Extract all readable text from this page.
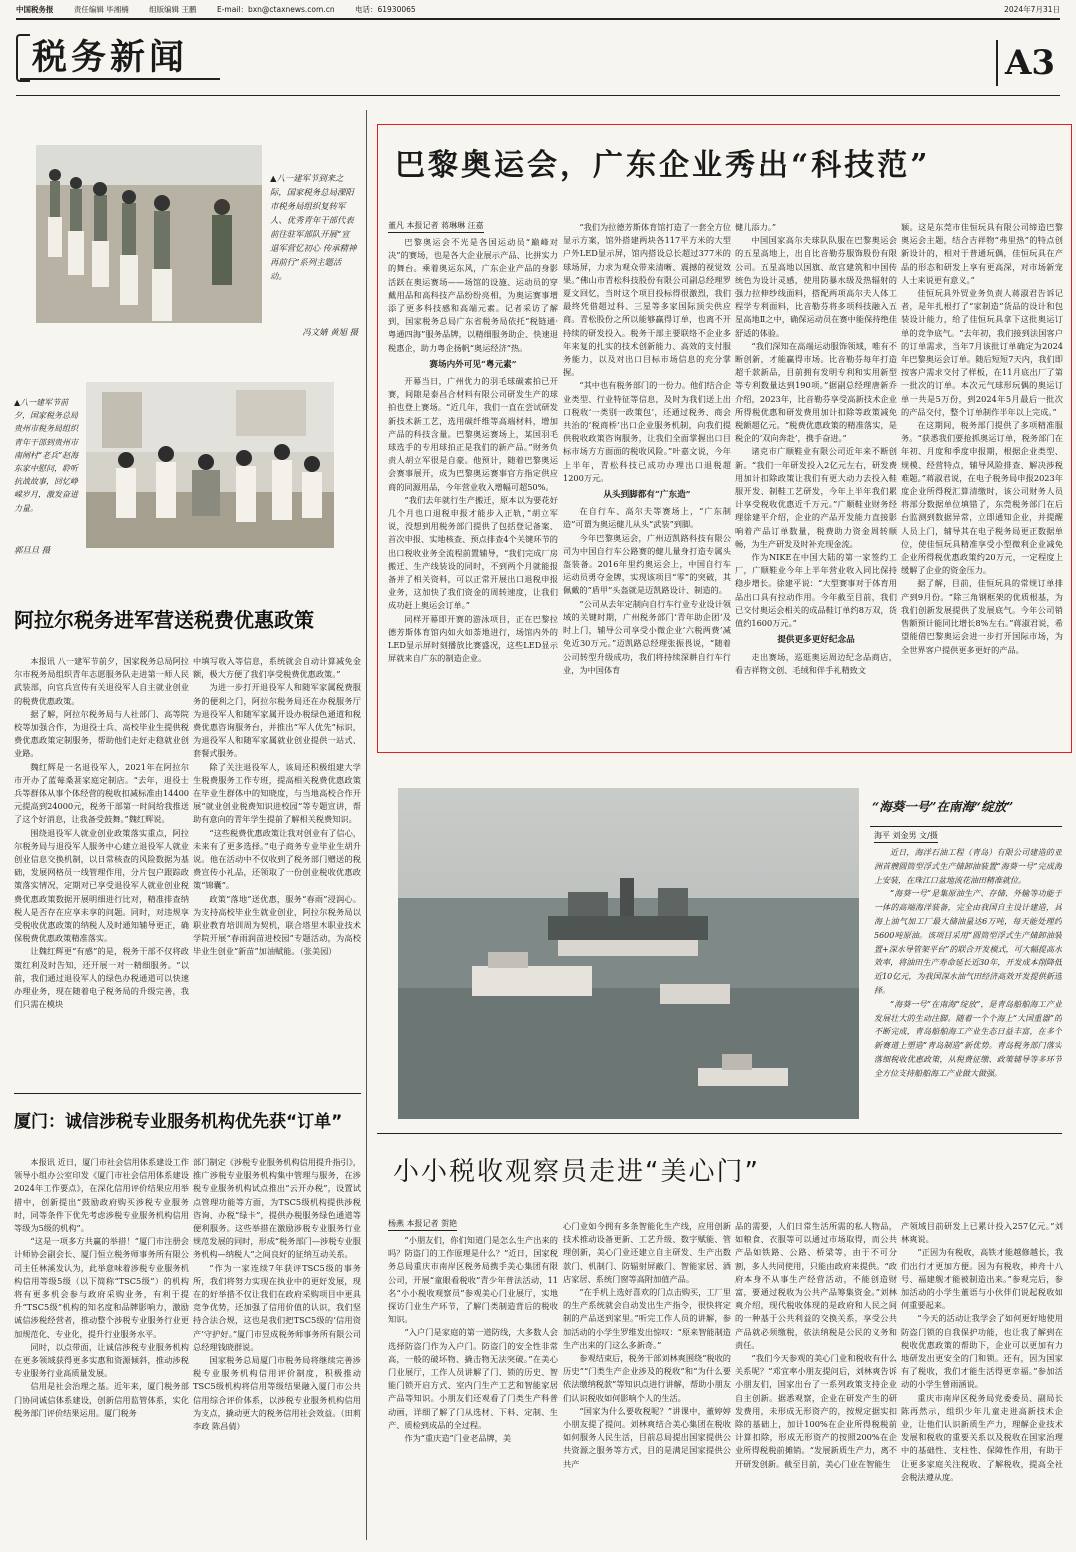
中国税务报	责任编辑 毕湘楠	组版编辑 王鹏	E-mail：bxn@ctaxnews.com.cn	电话：61930065	2024年7月31日
税务新闻	A3
▲八一建军节到来之际，国家税务总局溧阳市税务局组织复转军人、优秀青年干部代表前往驻军部队开展“宣退军营忆初心 传承精神再前行”系列主题活动。
冯文婧 黄旭 摄
▲八一建军节前夕，国家税务总局贵州市税务局组织青年干部到贵州市南闸村“老兵”赵海东家中慰问，聆听抗战故事，回忆峥嵘岁月，激发奋进力量。
郭旦旦 摄
阿拉尔税务进军营送税费优惠政策

本报讯 八一建军节前夕，国家税务总局阿拉尔市税务局组织青年志愿服务队走进第一师人民武装部，向官兵宣传有关退役军人自主就业创业的税费优惠政策。

据了解，阿拉尔税务局与人社部门、高等院校等加强合作，为退役士兵、高校毕业生提供税费优惠政策定制服务，帮助他们走好走稳就业创业路。

魏红辉是一名退役军人，2021年在阿拉尔市开办了蓝莓桑葚家庭定制店。“去年，退役士兵等群体从事个体经营的税收扣减标准由14400元提高到24000元，税务干部第一时间给我推送了这个好消息，让我备受鼓舞。”魏红辉说。

围绕退役军人就业创业政策落实重点，阿拉尔税务局与退役军人服务中心建立退役军人就业创业信息交换机制，以日常核查的风险数据为基础，发展网格员一线管理作用，分片包户跟踪政策落实情况，定期对已享受退役军人就业创业税费优惠政策数据开展明细进行比对，精准排查纳税人是否存在应享未享的问题。同时，对违规享受税收优惠政策的纳税人及时通知辅导更正，确保税费优惠政策精准落实。

让魏红辉更“有感”的是，税务干部不仅将政策红利及时告知，还开展一对一精细服务。“以前，我们通过退役军人的绿色办税通道可以快速办理业务，现在随着电子税务局的升级完善，我们只需在模块

中填写收入等信息，系统就会自动计算减免金额，极大方便了我们享受税费优惠政策。”

为进一步打开退役军人和随军家属税费服务的便利之门，阿拉尔税务局还在办税服务厅为退役军人和随军家属开设办税绿色通道和税费优惠咨询服务台，并推出“军人优先”标识，为退役军人和随军家属就业创业提供一站式、套餐式服务。

除了关注退役军人，该局还积极组建大学生税费服务工作专班，提高相关税费优惠政策在毕业生群体中的知晓度，与当地高校合作开展“就业创业税费知识进校园”等专题宣讲，帮助有意向的青年学生提前了解相关税费知识。

“这些税费优惠政策让我对创业有了信心，未来有了更多选择。”电子商务专业毕业生胡升说。他在活动中不仅收到了税务部门赠送的税费宣传小礼品，还领取了一份创业税收优惠政策“锦囊”。

政策“落地”送优惠，服务“春雨”浸润心。为支持高校毕业生就业创业，阿拉尔税务局以职业教育培训周为契机，联合塔里木职业技术学院开展“春雨润苗进校园”专题活动，为高校毕业生创业“新苗”加油赋能。（张美园）

厦门：诚信涉税专业服务机构优先获“订单”

本报讯 近日，厦门市社会信用体系建设工作领导小组办公室印发《厦门市社会信用体系建设2024年工作要点》，在深化信用评价结果应用举措中，创新提出“鼓励政府购买涉税专业服务时，同等条件下优先考虑涉税专业服务机构信用等级为5级的机构”。

“这是一项多方共赢的举措！”厦门市注册会计师协会副会长、厦门恒立税务师事务所有限公司主任林溪发认为，此举意味着涉税专业服务机构信用等级5级（以下简称“TSC5级”）的机构将有更多机会参与政府采购业务，有利于提升“TSC5级”机构的知名度和品牌影响力，激励诚信涉税经营者，推动整个涉税专业服务行业更加规范化、专业化，提升行业服务水平。

同时，以点带面，让诚信涉税专业服务机构在更多领域获得更多实惠和资源倾斜，推动涉税专业服务行业高质量发展。

信用是社会治理之基。近年来，厦门税务部门协同诚信体系建设，创新信用监管体系，实化税务部门评价结果运用。厦门税务

部门制定《涉税专业服务机构信用提升指引》，推广涉税专业服务机构集中管理与服务，在涉税专业服务机构试点推出“云开办税”，设置试点管理功能等方面，为TSC5级机构提供涉税咨询、办税“绿卡”，提供办税服务绿色通道等便利服务。这些举措在激励涉税专业服务行业规范发展的同时，形成“税务部门—涉税专业服务机构—纳税人”之间良好的征纳互动关系。

“作为一家连续7年获评TSC5级的事务所，我们将努力实现在执业中的更好发展，现在的好举措不仅让我们在政府采购项目中更具竞争优势，还加强了信用价值的认识，我们坚持合法合规，这也是我们把TSC5级的‘信用资产’守护好。”厦门市昱成税务师事务所有限公司总经理钱晓群说。

国家税务总局厦门市税务局将继续完善涉税专业服务机构信用评价制度，积极推动TSC5级机构将信用等级结果融入厦门市公共信用综合评价体系，以涉税专业服务机构信用为支点，撬动更大的税务信用社会效益。（田莉 李政 陈昌倩）

巴黎奥运会，广东企业秀出“科技范”
董凡 本报记者 蒋琳琳 汪嘉

巴黎奥运会不光是各国运动员“巅峰对决”的赛场，也是各大企业展示产品、比拼实力的舞台。乘着奥运东风，广东企业产品的身影活跃在奥运赛场——场馆的设施、运动员的穿戴用品和高科技产品纷纷亮相，为奥运赛事增添了更多科技感和高端元素。记者采访了解到，国家税务总局广东省税务局依托“税链通·粤通四海”服务品牌，以精细服务助企、快速退税惠企，助力粤企扬帆“奥运经济”热。

赛场内外可见“粤元素”

开幕当日，广州优力的羽毛球碳素拍已开赛，间隙是泰昌合材料有限公司研发生产的球拍也登上赛场。“近几年，我们一直在尝试研发新技术新工艺，选用碳纤维等高端材料，增加产品的科技含量。巴黎奥运赛场上，某国羽毛球选手的专用球拍正是我们的新产品。”财务负责人胡立军很是自豪。他预计，随着巴黎奥运会赛事展开，成为巴黎奥运赛事官方指定供应商的同源用品，今年营业收入增幅可超50%。

“我们去年就行生产搬迁，原本以为要花好几个月也口退税申报才能步入正轨，”胡立军说，没想到用税务部门提供了包括登记备案、首次申报、实地核查、预点排查4个关键环节的出口税收业务全流程前置辅导，“我们完成厂房搬迁、生产线装设的同时，不到两个月就能报备并了相关资料，可以正常开展出口退税申报业务，这加快了我们资金的周转速度，让我们成功赶上奥运会订单。”

同样开幕即开赛的游泳项目，正在巴黎拉德芳斯体育馆内如火如荼地进行，场馆内外的LED显示屏时刻播放比赛盛况，这些LED显示屏就来自广东的制造企业。

“我们为拉德芳斯体育馆打造了一套全方位显示方案，馆外搭建两块各117平方米的大型户外LED显示屏，馆内搭设总长超过377米的球场屏，力求为观众带来清晰、震撼的视觉效果。”佛山市青松科技股份有限公司副总经理罗夏文回忆，当时这个项目投标得很激烈，我们最终凭借超过科、三星等多家国际顶尖供应商。青松股份之所以能够赢得订单，也离不开持续的研发投入。税务干部主要联络不企业多年来复的扎实的技术创新能力、高效的支付服务能力，以及对出口目标市场信息的充分掌握。

“其中也有税务部门的一份力。他们结合企业类型、行业特征等信息，及时为我们送上出口税收‘一类别一政策包’，还通过税务、商会共治的‘税商桥’出口企业服务机制，向我们提供税收政策咨询服务，让我们全面掌握出口目标市场方方面面的税收风险。”叶嘉文说，今年上半年，青松科技已成功办理出口退税超1200万元。

从头到脚都有“广东造”

在自行车、高尔夫等赛场上，“广东制造”可谓为奥运健儿从头“武装”到脚。

今年巴黎奥运会，广州迈凯路科技有限公司为中国自行车公路赛的健儿量身打造专属头盔装备。2016年里约奥运会上，中国自行车运动员勇夺金牌，实现该项目“零”的突破，其佩戴的“盾甲”头盔就是迈凯路设计、制造的。

“公司从去年定制向自行车行业专业设计领域的关键时期，广州税务部门‘青年助企团’及时上门，辅导公司享受小微企业‘六税两费’减免近30万元。”迈凯路总经理张振畏说，“随着公司转型升级成功，我们将持续深耕自行车行业，为中国体育

健儿添力。”

中国国家高尔夫球队队服在巴黎奥运会的五星高地上，出自比音勒芬服饰股份有限公司。五星高地以国旗、故宫建筑和中国传统色为设计灵感，使用防暴水级及热辐射的强力拉伸纱线面料，搭配两项高尔夫人体工程学专利面料，比音勒芬将多项科技融入五星高地Ⅱ之中，确保运动员在赛中能保持绝佳舒适的体验。

“我们深知在高端运动服饰领域，唯有不断创新，才能赢得市场。比音勒芬每年打造超千款新品，目前拥有发明专利和实用新型等专利数量达到190项。”据副总经理唐新乔介绍，2023年，比音勒芬享受高新技术企业所得税优惠和研发费用加计扣除等政策减免税额超亿元。“税费优惠政策的精准落实，是税企的‘双向奔赴’，携手奋进。”

诸克市广顺鞋业有限公司近年来不断创新。“我们一年研发投入2亿元左右，研发费用加计扣除政策让我们有更大动力去投入鞋服开发、制鞋工艺研发，今年上半年我们累计享受税收优惠近千万元。”广顺鞋业财务经理徐建平介绍，企业的产品开发能力直接影响着产品订单数量，税费助力资金周转顺畅，为生产研发及时补充现金流。

作为NIKE在中国大陆的第一家签约工厂，广顺鞋业今年上半年营业收入同比保持稳步增长。徐建平说：“大型赛事对于体育用品出口具有拉动作用。今年截至目前，我们已交付奥运会相关的成品鞋订单约8万双，货值约1600万元。”

提供更多更好纪念品

走出赛场，巡逛奥运周边纪念品商店，看吉祥物文创、毛绒和伴手礼精致文

颖。这是东莞市佳恒玩具有限公司缔造巴黎奥运会主题，结合吉祥物“弗里热”的特点创新设计的，相对于普通玩偶，佳恒玩具在产品的形态和研发上享有更高深，对市场新宠人士来说更有意义。”

佳恒玩具外贸业务负责人蒋淑君告诉记者，是年扎根打了“家制造”货品的设计和包装设计能力，给了佳恒玩具拿下这批奥运订单的竞争底气。“去年初，我们接到法国客户的订单需求，当年7月该批订单确定为2024年巴黎奥运会订单。随后短短7天内，我们即按客户需求交付了样板，在11月底出厂了第一批次的订单。本次元气球形玩偶的奥运订单一共是5万份，到2024年5月最后一批次的产品交付，整个订单制作半年以上完成。”

在这期间，税务部门提供了多项精准服务。“获悉我们要抢抓奥运订单，税务部门在年初、月度和季度申报期，根据企业类型、规模、经营特点，辅导风险排查、解决涉税难题。”蒋淑君说，在电子税务局申报2023年度企业所得税汇算清缴时，该公司财务人员将部分数据单位填错了，东莞税务部门在后台监测到数据异常，立即通知企业，并提醒人员上门，辅导其在电子税务局更正数据单位，使佳恒玩具精准享受小型微利企业减免企业所得税优惠政策约20万元，一定程度上缓解了企业的资金压力。

据了解，目前，佳恒玩具的常规订单排产到9月份。“除三角钢框架的优质根基，为我们创新发展提供了发展底气。今年公司销售额预计能同比增长8%左右。”蒋淑君说，希望能借巴黎奥运会进一步打开国际市场，为全世界客户提供更多更好的产品。

“海葵一号”在南海“绽放”
海平 刘金男 文/摄

近日，海洋石油工程（青岛）有限公司建造的亚洲首艘圆筒型浮式生产储卸油装置“海葵一号”完成海上安装，在珠江口盆地流花油田精准就位。

“海葵一号”是集原油生产、存储、外输等功能于一体的高端海洋装备，完全由我国自主设计建造，具海上油气加工厂最大储油量达6万吨，每天能处理约5600吨原油。该项目采用“圆筒型浮式生产储卸油装置+深水导管架平台”的联合开发模式，可大幅提高水效率，将油田生产寿命延长近30年，开发成本削降低近10亿元，为我国深水油气田经济高效开发提供新选择。

“海葵一号”在南海“绽放”，是青岛船舶海工产业发展壮大的生动注脚。随着一个个海上“大国重器”的不断完成，青岛船舶海工产业生态日益丰富，在多个新赛道上塑造“青岛制造”新优势。青岛税务部门落实落细税收优惠政策，从税费征缴、政策辅导等多环节全方位支持船舶海工产业做大做强。

小小税收观察员走进“美心门”
杨燕 本报记者 贺艳

“小朋友们，你们知道门是怎么生产出来的吗？防盗门的工作原理是什么？”近日，国家税务总局重庆市南岸区税务局携手美心集团有限公司，开展“童眼看税收”青少年普法活动，11名“小小税收观察员”参观美心门业展厅，实地探访门业生产环节，了解门类制造背后的税收知识。

“入户门是家庭的第一道防线，大多数人会选择防盗门作为入户门。防盗门的安全性非常高，一般的破坏物、撬击物无法突破。”在美心门业展厅，工作人员讲解了门、锁的历史、智能门锁开启方式、室内门生产工艺和智能家居产品等知识。小朋友们还观看了门类生产科普动画，详细了解了门从选材、下料、定制、生产、质检到成品的全过程。

作为“重庆造”门业老品牌，美

心门业如今拥有多条智能化生产线，应用创新技术推动设备更新、工艺升级、数字赋能、管理创新，美心门业还建立自主研发、生产出数款门、机制门、防辐射屏蔽门、智能家居、酒店家居、系统门窗等高附加值产品。

“在手机上选好喜欢的门点击购买，工厂里的生产系统就会自动发出生产指令，很快将定制的产品送到家里。”听完工作人员的讲解，参加活动的小学生罗维发出惊叹：“原来智能制造生产出来的门这么多新奇。”

参观结束后，税务干部刘林爽围绕“税收的历史”“门类生产企业涉及的税收”和“为什么要依法缴纳税款”等知识点进行讲解，帮助小朋友们认识税收如何影响个人的生活。

“国家为什么要收税呢？”讲课中，董婷婷小朋友提了提问。刘林爽结合美心集团在税收如何服务人民生活，目前总局提出国家提供公共资源之服务等方式，目的是满足国家提供公共产

品的需要，人们日常生活所需的私人物品，如粮食、衣服等可以通过市场取得，而公共产品如铁路、公路、桥梁等，由于不可分割，多人共同使用，只能由政府来提供。“政府本身不从事生产经营活动，不能创造财富，要通过税收为公共产品筹集资金。”刘林爽介绍，现代税收体现的是政府和人民之间的一种基于公共利益的交换关系，享受公共产品就必须缴税，依法纳税是公民的义务和责任。

“我们今天参观的美心门业和税收有什么关系呢？”邓宜率小朋友提问后，刘林爽告诉小朋友们，国家出台了一系列政策支持企业自主创新。据悉观察，企业在研发产生的研发费用，未形成无形资产的，按规定据实扣除的基础上，加计100%在企业所得税税前计算扣除，形成无形资产的按照200%在企业所得税税前摊销。“发展新质生产力，离不开研发创新。截至目前，美心门业在智能生

产领域目前研发上已累计投入257亿元。”刘林爽说。

“正因为有税收，高铁才能越修越长，我们出行才更加方便。因为有税收，神舟十八号、福建舰才能被制造出来。”参观完后，参加活动的小学生董语与小伙伴们说起税收如何重要起来。

“今天的活动让我学会了如何更好地使用防盗门锁的自我保护功能，也让我了解到在税收优惠政策的帮助下，企业可以更加有力地研发出更安全的门和锁。还有，因为国家有了税收，我们才能生活得更幸福。”参加活动的小学生曾雨涵说。

重庆市南岸区税务局党委委员、副局长陈再然示，组织少年儿童走进高新技术企业，让他们认识新质生产力，理解企业技术发展和税收的重要关系以及税收在国家治理中的基础性、支柱性、保障性作用，有助于让更多家庭关注税收、了解税收，提高全社会税法遵从度。
